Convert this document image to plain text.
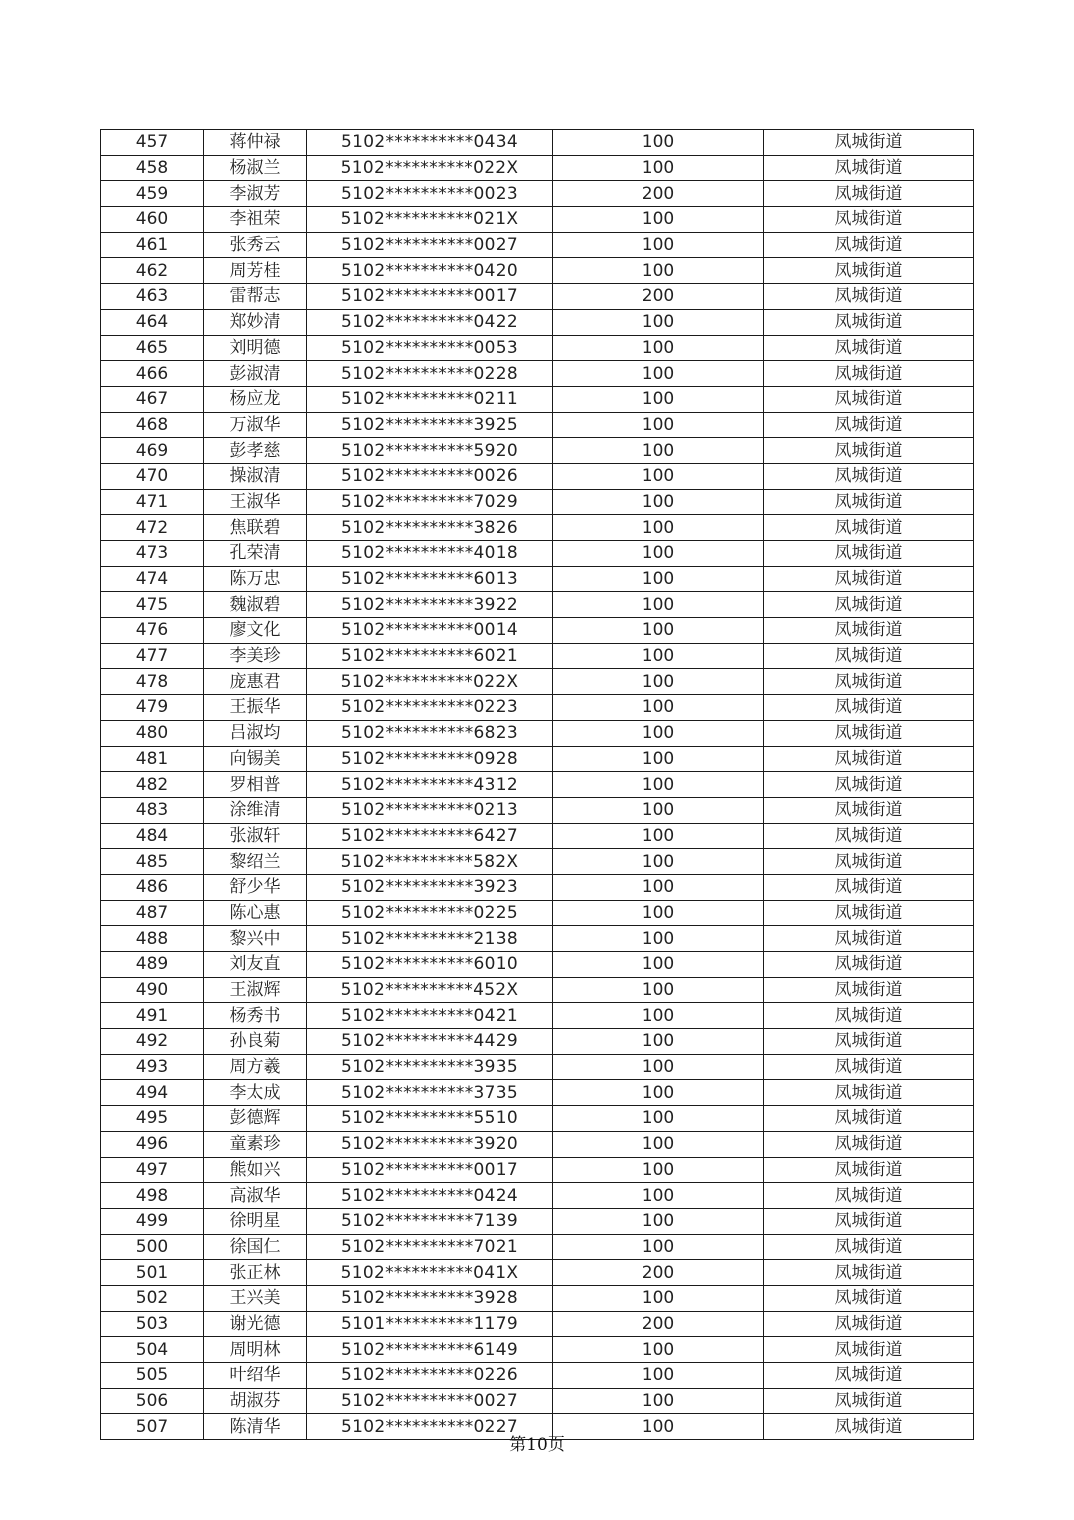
457	蒋仲禄	5102**********0434	100	凤城街道
458	杨淑兰	5102**********022X	100	凤城街道
459	李淑芳	5102**********0023	200	凤城街道
460	李祖荣	5102**********021X	100	凤城街道
461	张秀云	5102**********0027	100	凤城街道
462	周芳桂	5102**********0420	100	凤城街道
463	雷帮志	5102**********0017	200	凤城街道
464	郑妙清	5102**********0422	100	凤城街道
465	刘明德	5102**********0053	100	凤城街道
466	彭淑清	5102**********0228	100	凤城街道
467	杨应龙	5102**********0211	100	凤城街道
468	万淑华	5102**********3925	100	凤城街道
469	彭孝慈	5102**********5920	100	凤城街道
470	操淑清	5102**********0026	100	凤城街道
471	王淑华	5102**********7029	100	凤城街道
472	焦联碧	5102**********3826	100	凤城街道
473	孔荣清	5102**********4018	100	凤城街道
474	陈万忠	5102**********6013	100	凤城街道
475	魏淑碧	5102**********3922	100	凤城街道
476	廖文化	5102**********0014	100	凤城街道
477	李美珍	5102**********6021	100	凤城街道
478	庞惠君	5102**********022X	100	凤城街道
479	王振华	5102**********0223	100	凤城街道
480	吕淑均	5102**********6823	100	凤城街道
481	向锡美	5102**********0928	100	凤城街道
482	罗相普	5102**********4312	100	凤城街道
483	涂维清	5102**********0213	100	凤城街道
484	张淑轩	5102**********6427	100	凤城街道
485	黎绍兰	5102**********582X	100	凤城街道
486	舒少华	5102**********3923	100	凤城街道
487	陈心惠	5102**********0225	100	凤城街道
488	黎兴中	5102**********2138	100	凤城街道
489	刘友直	5102**********6010	100	凤城街道
490	王淑辉	5102**********452X	100	凤城街道
491	杨秀书	5102**********0421	100	凤城街道
492	孙良菊	5102**********4429	100	凤城街道
493	周方羲	5102**********3935	100	凤城街道
494	李太成	5102**********3735	100	凤城街道
495	彭德辉	5102**********5510	100	凤城街道
496	童素珍	5102**********3920	100	凤城街道
497	熊如兴	5102**********0017	100	凤城街道
498	高淑华	5102**********0424	100	凤城街道
499	徐明星	5102**********7139	100	凤城街道
500	徐国仁	5102**********7021	100	凤城街道
501	张正林	5102**********041X	200	凤城街道
502	王兴美	5102**********3928	100	凤城街道
503	谢光德	5101**********1179	200	凤城街道
504	周明林	5102**********6149	100	凤城街道
505	叶绍华	5102**********0226	100	凤城街道
506	胡淑芬	5102**********0027	100	凤城街道
507	陈清华	5102**********0227	100	凤城街道
第10页
